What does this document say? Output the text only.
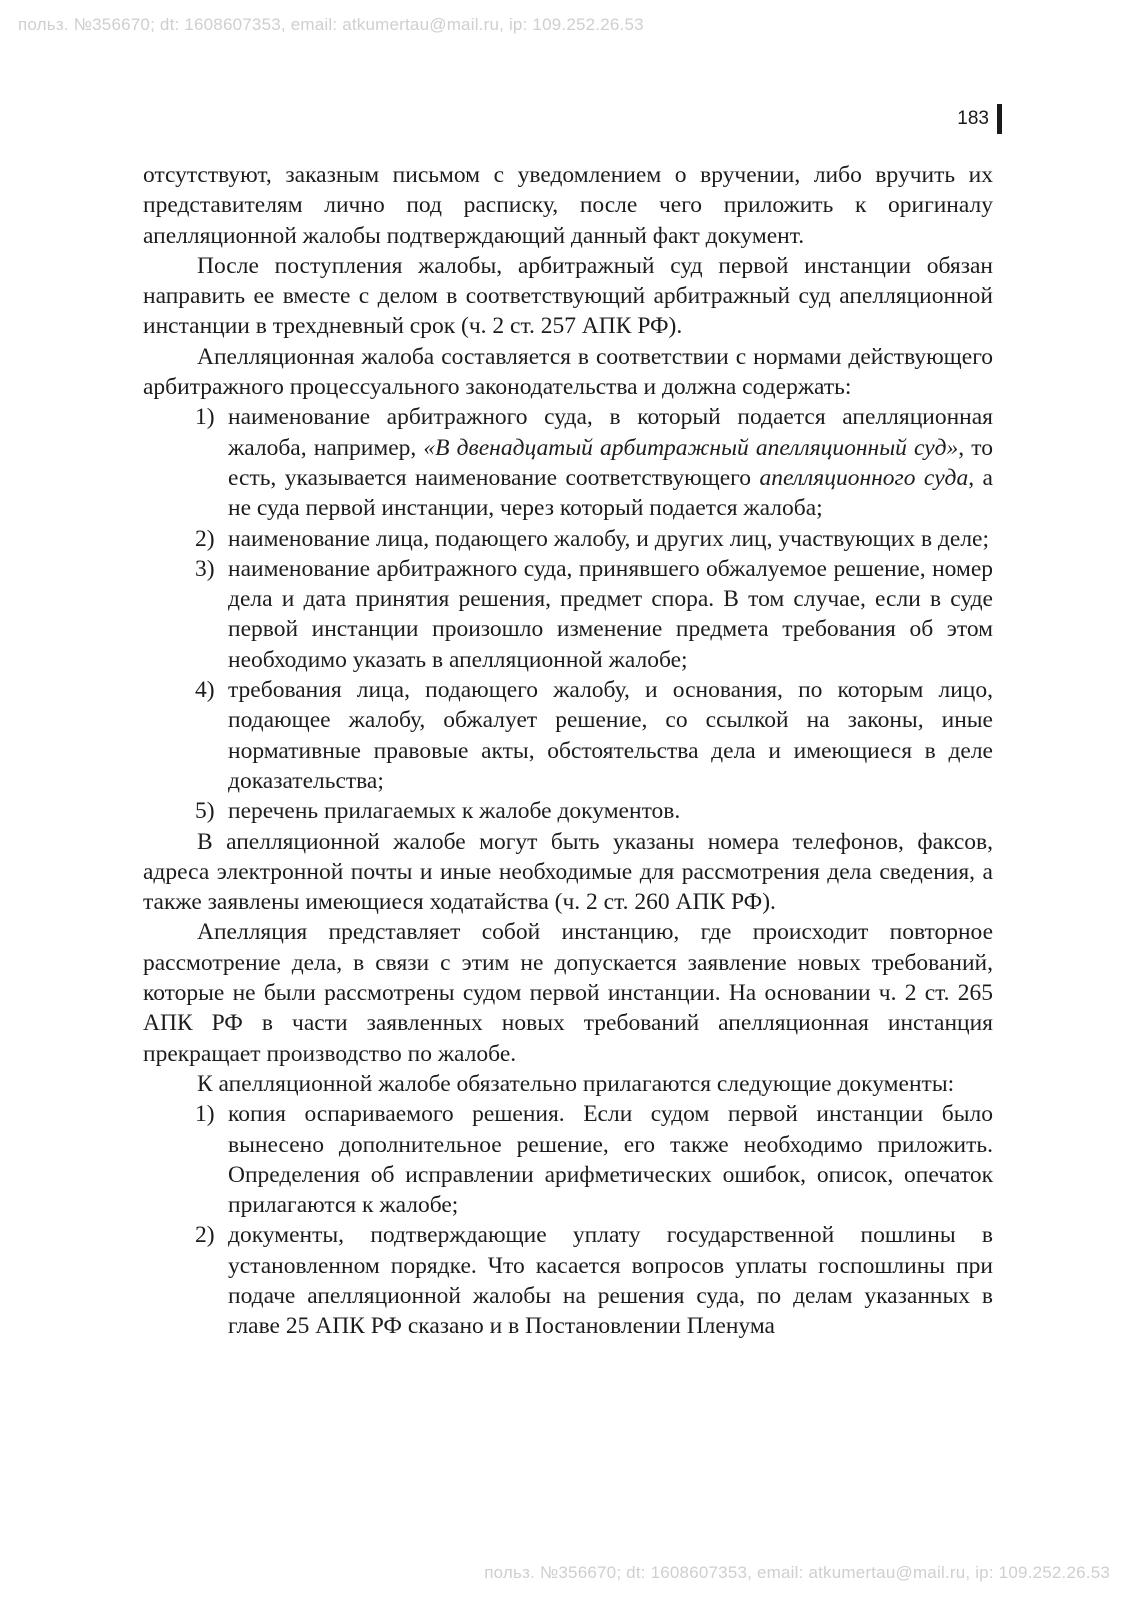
польз. №356670; dt: 1608607353, email: atkumertau@mail.ru, ip: 109.252.26.53
183

отсутствуют, заказным письмом с уведомлением о вручении, либо вручить их представителям лично под расписку, после чего приложить к оригиналу апелляционной жалобы подтверждающий данный факт документ.

После поступления жалобы, арбитражный суд первой инстанции обязан направить ее вместе с делом в соответствующий арбитражный суд апелляционной инстанции в трехдневный срок (ч. 2 ст. 257 АПК РФ).

Апелляционная жалоба составляется в соответствии с нормами действующего арбитражного процессуального законодательства и должна содержать:

1) наименование арбитражного суда, в который подается апелляционная жалоба, например, «В двенадцатый арбитражный апелляционный суд», то есть, указывается наименование соответствующего апелляционного суда, а не суда первой инстанции, через который подается жалоба;
2) наименование лица, подающего жалобу, и других лиц, участвующих в деле;
3) наименование арбитражного суда, принявшего обжалуемое решение, номер дела и дата принятия решения, предмет спора. В том случае, если в суде первой инстанции произошло изменение предмета требования об этом необходимо указать в апелляционной жалобе;
4) требования лица, подающего жалобу, и основания, по которым лицо, подающее жалобу, обжалует решение, со ссылкой на законы, иные нормативные правовые акты, обстоятельства дела и имеющиеся в деле доказательства;
5) перечень прилагаемых к жалобе документов.

В апелляционной жалобе могут быть указаны номера телефонов, факсов, адреса электронной почты и иные необходимые для рассмотрения дела сведения, а также заявлены имеющиеся ходатайства (ч. 2 ст. 260 АПК РФ).

Апелляция представляет собой инстанцию, где происходит повторное рассмотрение дела, в связи с этим не допускается заявление новых требований, которые не были рассмотрены судом первой инстанции. На основании ч. 2 ст. 265 АПК РФ в части заявленных новых требований апелляционная инстанция прекращает производство по жалобе.

К апелляционной жалобе обязательно прилагаются следующие документы:

1) копия оспариваемого решения. Если судом первой инстанции было вынесено дополнительное решение, его также необходимо приложить. Определения об исправлении арифметических ошибок, описок, опечаток прилагаются к жалобе;
2) документы, подтверждающие уплату государственной пошлины в установленном порядке. Что касается вопросов уплаты госпошлины при подаче апелляционной жалобы на решения суда, по делам указанных в главе 25 АПК РФ сказано и в Постановлении Пленума
польз. №356670; dt: 1608607353, email: atkumertau@mail.ru, ip: 109.252.26.53
